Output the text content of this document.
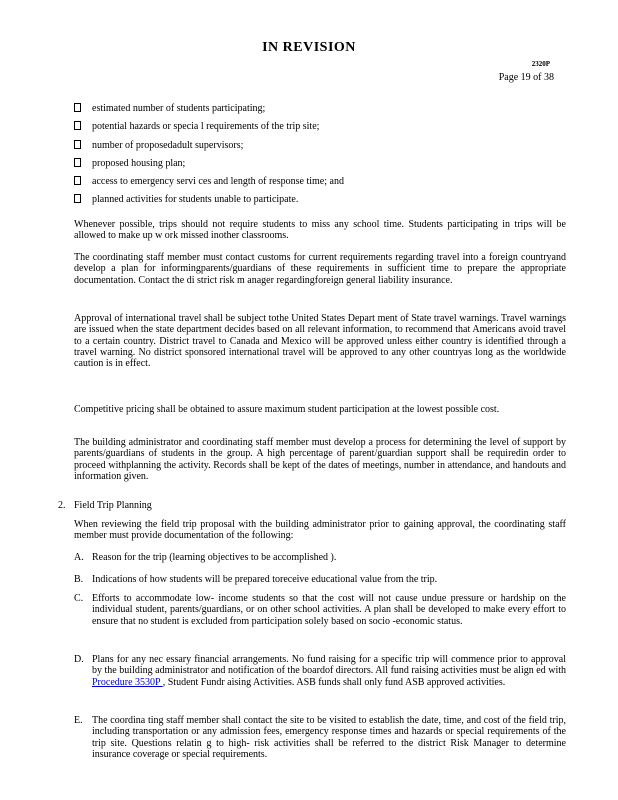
IN REVISION
2320P
Page 19 of 38
estimated number of students participating;
potential hazards or specia l requirements of the trip site;
number of proposedadult supervisors;
proposed housing plan;
access to emergency servi ces and length of response time; and
planned activities for students unable to participate.

Whenever possible, trips should not require students to miss any school time. Students participating in trips will be allowed to make up w ork missed inother classrooms.

The coordinating staff member must contact customs for current requirements regarding travel into a foreign countryand develop a plan for informingparents/guardians of these requirements in sufficient time to prepare the appropriate documentation. Contact the di strict risk m anager regardingforeign general liability insurance.

Approval of international travel shall be subject tothe United States Depart ment of State travel warnings. Travel warnings are issued when the state department decides based on all relevant information, to recommend that Americans avoid travel to a certain country. District travel to Canada and Mexico will be approved unless either country is identified through a travel warning. No district sponsored international travel will be approved to any other countryas long as the worldwide caution is in effect.

Competitive pricing shall be obtained to assure maximum student participation at the lowest possible cost.

The building administrator and coordinating staff member must develop a process for determining the level of support by parents/guardians of students in the group. A high percentage of parent/guardian support shall be requiredin order to proceed withplanning the activity. Records shall be kept of the dates of meetings, number in attendance, and handouts and information given.

2. Field Trip Planning

When reviewing the field trip proposal with the building administrator prior to gaining approval, the coordinating staff member must provide documentation of the following:

A. Reason for the trip (learning objectives to be accomplished ).
B. Indications of how students will be prepared toreceive educational value from the trip.
C. Efforts to accommodate low- income students so that the cost will not cause undue pressure or hardship on the individual student, parents/guardians, or on other school activities. A plan shall be developed to make every effort to ensure that no student is excluded from participation solely based on socio -economic status.
D. Plans for any nec essary financial arrangements. No fund raising for a specific trip will commence prior to approval by the building administrator and notification of the boardof directors. All fund raising activities must be align ed with Procedure 3530P , Student Fundr aising Activities. ASB funds shall only fund ASB approved activities.
E. The coordina ting staff member shall contact the site to be visited to establish the date, time, and cost of the field trip, including transportation or any admission fees, emergency response times and hazards or special requirements of the trip site. Questions relatin g to high- risk activities shall be referred to the district Risk Manager to determine insurance coverage or special requirements.
